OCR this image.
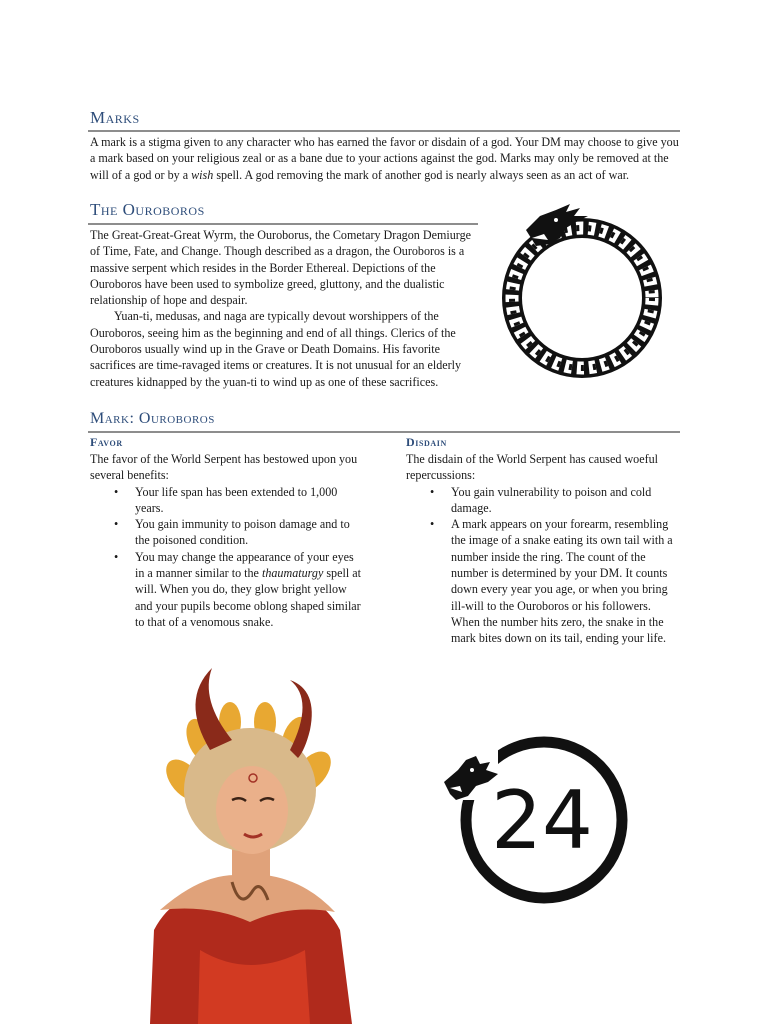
Marks
A mark is a stigma given to any character who has earned the favor or disdain of a god. Your DM may choose to give you a mark based on your religious zeal or as a bane due to your actions against the god. Marks may only be removed at the will of a god or by a wish spell. A god removing the mark of another god is nearly always seen as an act of war.
The Ouroboros

The Great-Great-Great Wyrm, the Ouroborus, the Cometary Dragon Demiurge of Time, Fate, and Change. Though described as a dragon, the Ouroboros is a massive serpent which resides in the Border Ethereal. Depictions of the Ouroboros have been used to symbolize greed, gluttony, and the dualistic relationship of hope and despair.

Yuan-ti, medusas, and naga are typically devout worshippers of the Ouroboros, seeing him as the beginning and end of all things. Clerics of the Ouroboros usually wind up in the Grave or Death Domains. His favorite sacrifices are time-ravaged items or creatures. It is not unusual for an elderly creatures kidnapped by the yuan-ti to wind up as one of these sacrifices.

Mark: Ouroboros
Favor

The favor of the World Serpent has bestowed upon you several benefits:

• Your life span has been extended to 1,000 years.
• You gain immunity to poison damage and to the poisoned condition.
• You may change the appearance of your eyes in a manner similar to the thaumaturgy spell at will. When you do, they glow bright yellow and your pupils become oblong shaped similar to that of a venomous snake.
Disdain

The disdain of the World Serpent has caused woeful repercussions:

• You gain vulnerability to poison and cold damage.
• A mark appears on your forearm, resembling the image of a snake eating its own tail with a number inside the ring. The count of the number is determined by your DM. It counts down every year you age, or when you bring ill-will to the Ouroboros or his followers. When the number hits zero, the snake in the mark bites down on its tail, ending your life.
24
